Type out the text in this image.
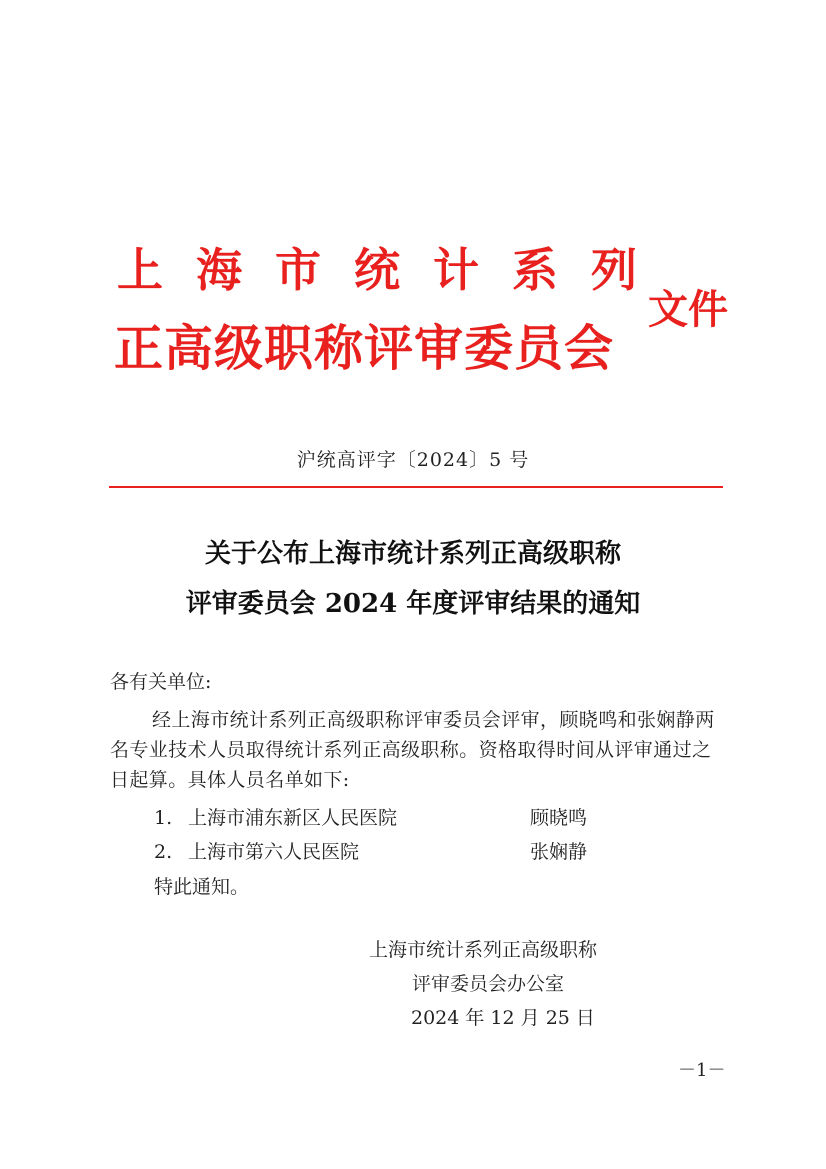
上海市统计系列
正高级职称评审委员会
文件
沪统高评字〔2024〕5 号
关于公布上海市统计系列正高级职称
评审委员会 2024 年度评审结果的通知
各有关单位:
经上海市统计系列正高级职称评审委员会评审，顾晓鸣和张娴静两名专业技术人员取得统计系列正高级职称。资格取得时间从评审通过之日起算。具体人员名单如下:
1. 上海市浦东新区人民医院	顾晓鸣
2. 上海市第六人民医院	张娴静
特此通知。
上海市统计系列正高级职称
评审委员会办公室
2024 年 12 月 25 日
－1－
